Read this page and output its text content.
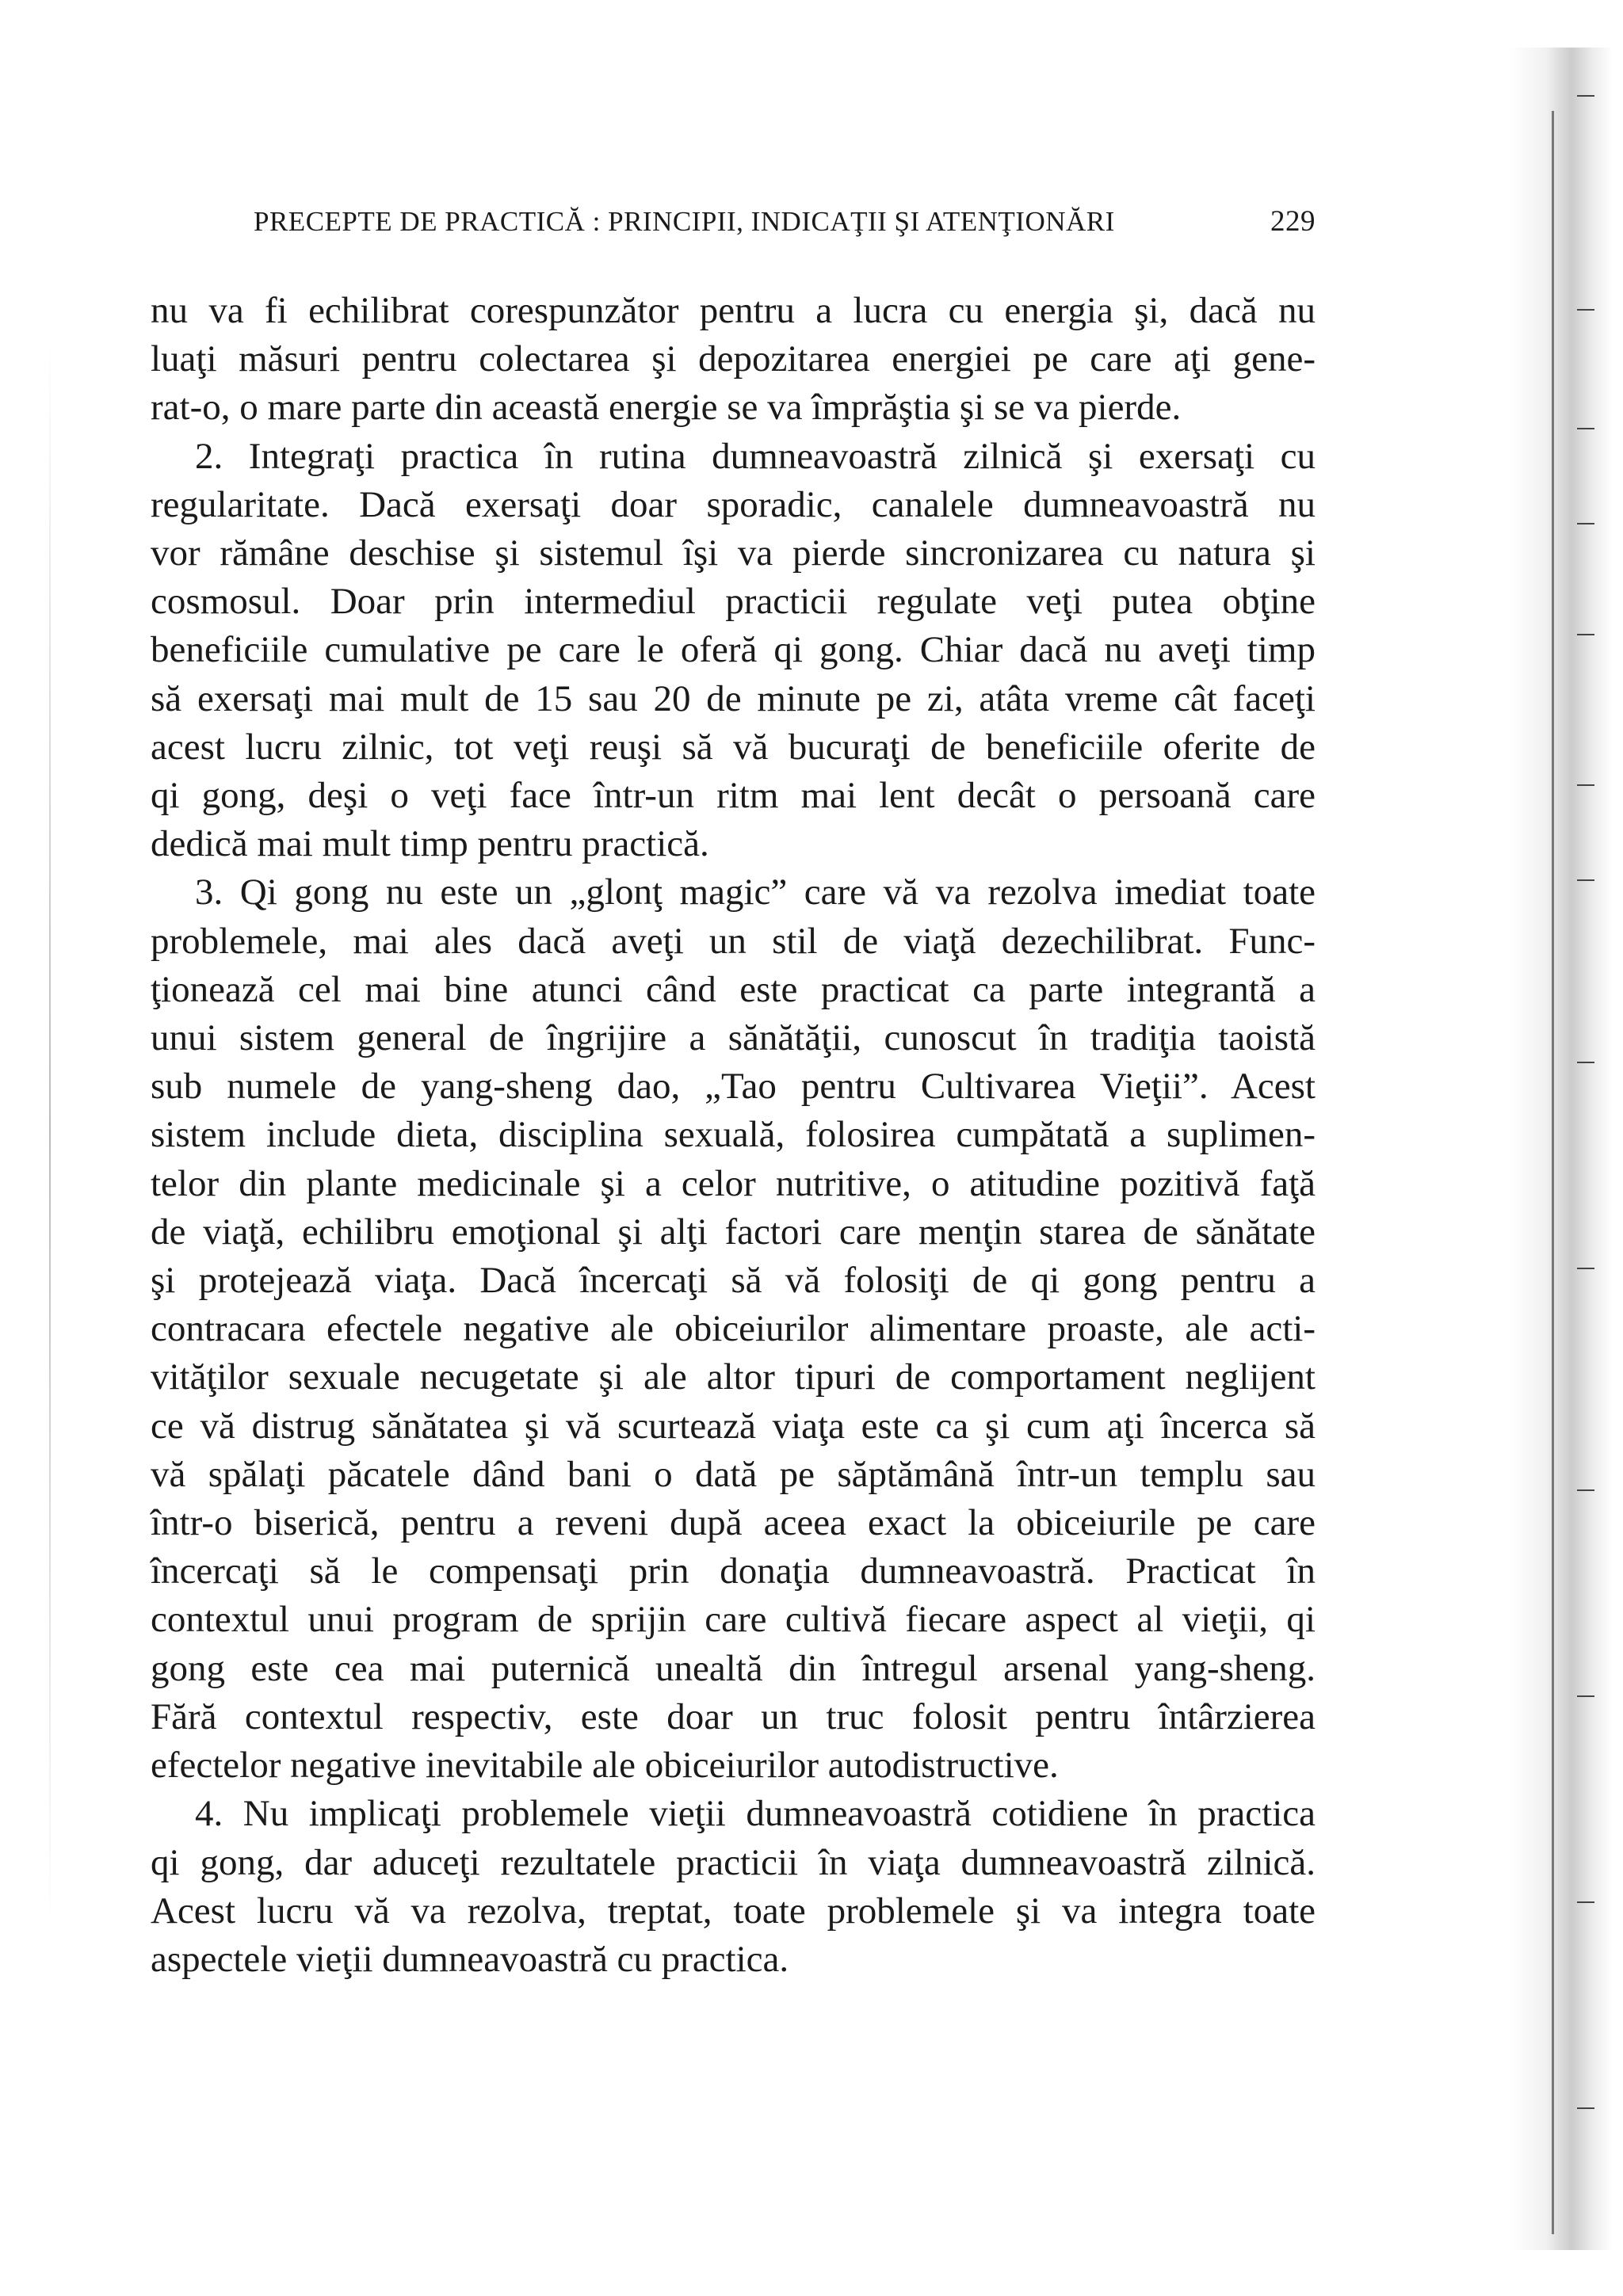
PRECEPTE DE PRACTICĂ : PRINCIPII, INDICAŢII ŞI ATENŢIONĂRI	229

nu va fi echilibrat corespunzător pentru a lucra cu energia şi, dacă nu
luaţi măsuri pentru colectarea şi depozitarea energiei pe care aţi gene-
rat-o, o mare parte din această energie se va împrăştia şi se va pierde.

2. Integraţi practica în rutina dumneavoastră zilnică şi exersaţi cu
regularitate. Dacă exersaţi doar sporadic, canalele dumneavoastră nu
vor rămâne deschise şi sistemul îşi va pierde sincronizarea cu natura şi
cosmosul. Doar prin intermediul practicii regulate veţi putea obţine
beneficiile cumulative pe care le oferă qi gong. Chiar dacă nu aveţi timp
să exersaţi mai mult de 15 sau 20 de minute pe zi, atâta vreme cât faceţi
acest lucru zilnic, tot veţi reuşi să vă bucuraţi de beneficiile oferite de
qi gong, deşi o veţi face într-un ritm mai lent decât o persoană care
dedică mai mult timp pentru practică.

3. Qi gong nu este un „glonţ magic” care vă va rezolva imediat toate
problemele, mai ales dacă aveţi un stil de viaţă dezechilibrat. Func-
ţionează cel mai bine atunci când este practicat ca parte integrantă a
unui sistem general de îngrijire a sănătăţii, cunoscut în tradiţia taoistă
sub numele de yang-sheng dao, „Tao pentru Cultivarea Vieţii”. Acest
sistem include dieta, disciplina sexuală, folosirea cumpătată a suplimen-
telor din plante medicinale şi a celor nutritive, o atitudine pozitivă faţă
de viaţă, echilibru emoţional şi alţi factori care menţin starea de sănătate
şi protejează viaţa. Dacă încercaţi să vă folosiţi de qi gong pentru a
contracara efectele negative ale obiceiurilor alimentare proaste, ale acti-
vităţilor sexuale necugetate şi ale altor tipuri de comportament neglijent
ce vă distrug sănătatea şi vă scurtează viaţa este ca şi cum aţi încerca să
vă spălaţi păcatele dând bani o dată pe săptămână într-un templu sau
într-o biserică, pentru a reveni după aceea exact la obiceiurile pe care
încercaţi să le compensaţi prin donaţia dumneavoastră. Practicat în
contextul unui program de sprijin care cultivă fiecare aspect al vieţii, qi
gong este cea mai puternică unealtă din întregul arsenal yang-sheng.
Fără contextul respectiv, este doar un truc folosit pentru întârzierea
efectelor negative inevitabile ale obiceiurilor autodistructive.

4. Nu implicaţi problemele vieţii dumneavoastră cotidiene în practica
qi gong, dar aduceţi rezultatele practicii în viaţa dumneavoastră zilnică.
Acest lucru vă va rezolva, treptat, toate problemele şi va integra toate
aspectele vieţii dumneavoastră cu practica.
